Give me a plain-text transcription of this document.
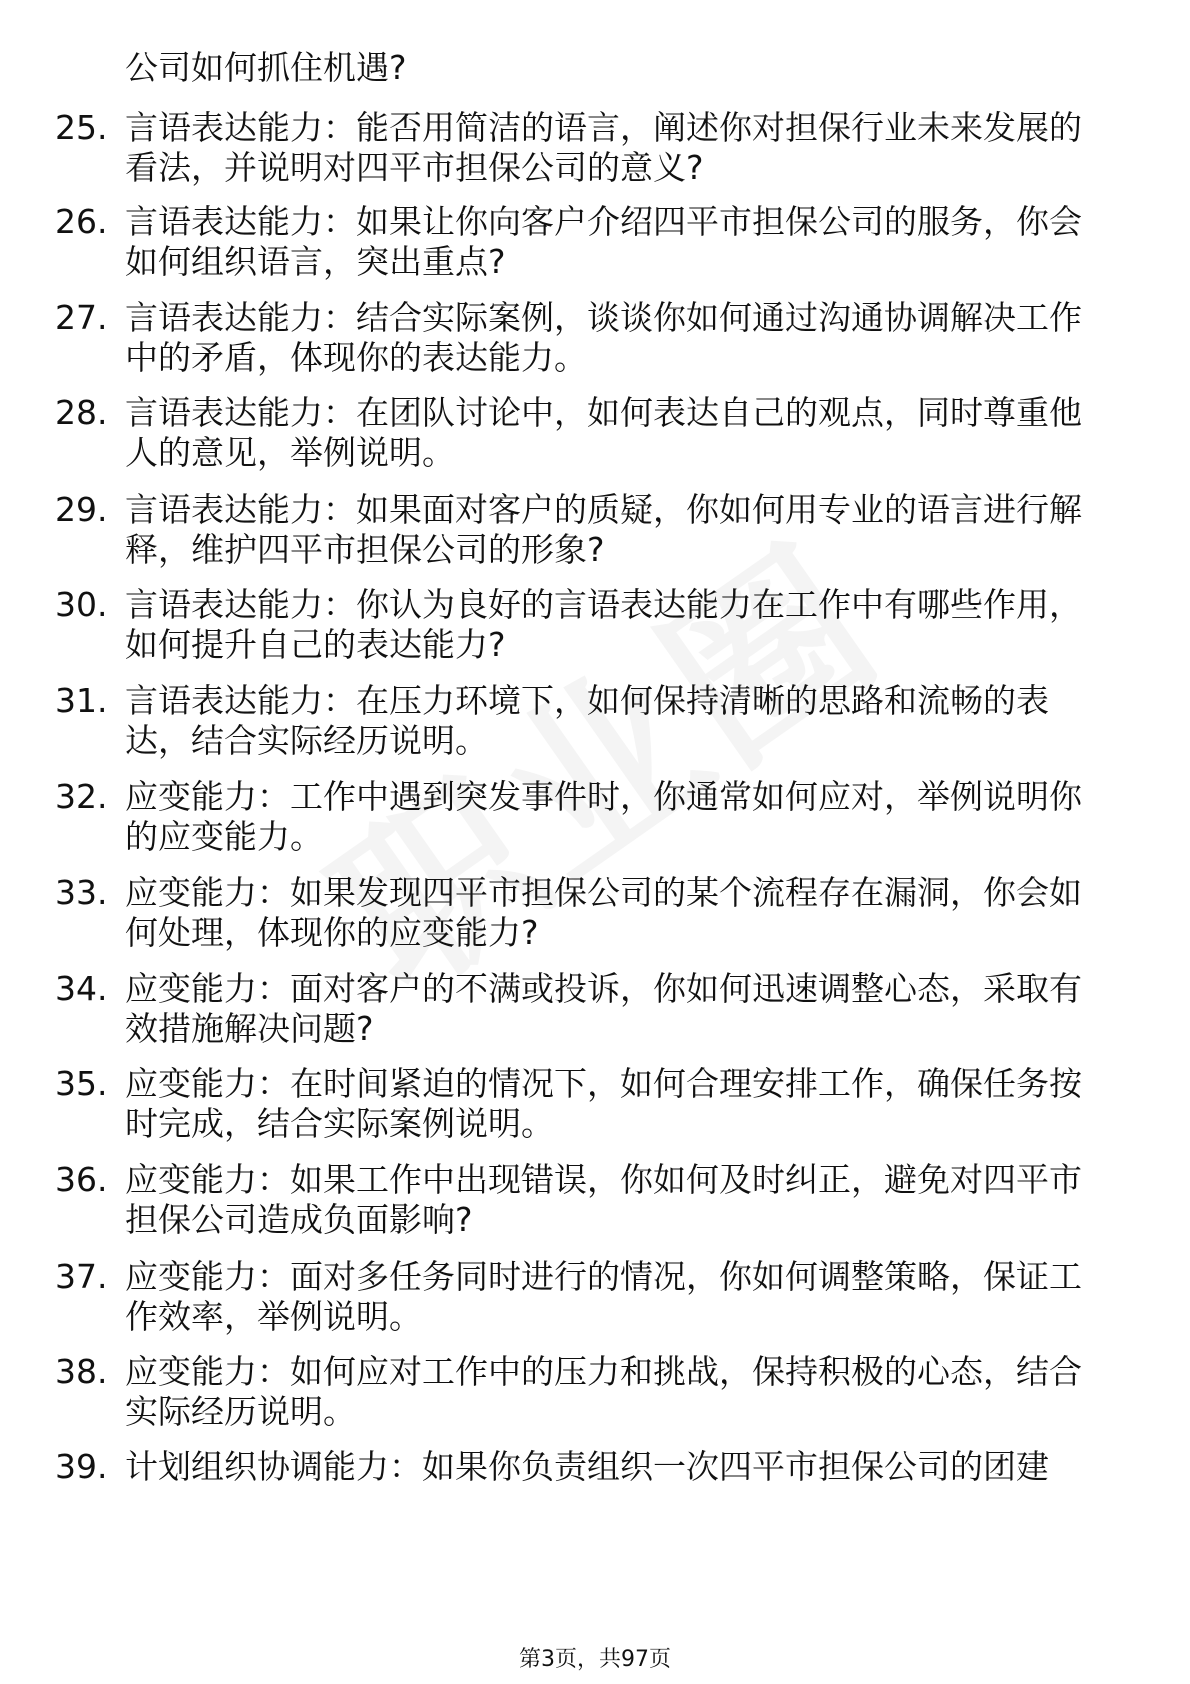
公司如何抓住机遇?
25. 言语表达能力：能否用简洁的语言，阐述你对担保行业未来发展的看法，并说明对四平市担保公司的意义?
26. 言语表达能力：如果让你向客户介绍四平市担保公司的服务，你会如何组织语言，突出重点?
27. 言语表达能力：结合实际案例，谈谈你如何通过沟通协调解决工作中的矛盾，体现你的表达能力。
28. 言语表达能力：在团队讨论中，如何表达自己的观点，同时尊重他人的意见，举例说明。
29. 言语表达能力：如果面对客户的质疑，你如何用专业的语言进行解释，维护四平市担保公司的形象?
30. 言语表达能力：你认为良好的言语表达能力在工作中有哪些作用，如何提升自己的表达能力?
31. 言语表达能力：在压力环境下，如何保持清晰的思路和流畅的表达，结合实际经历说明。
32. 应变能力：工作中遇到突发事件时，你通常如何应对，举例说明你的应变能力。
33. 应变能力：如果发现四平市担保公司的某个流程存在漏洞，你会如何处理，体现你的应变能力?
34. 应变能力：面对客户的不满或投诉，你如何迅速调整心态，采取有效措施解决问题?
35. 应变能力：在时间紧迫的情况下，如何合理安排工作，确保任务按时完成，结合实际案例说明。
36. 应变能力：如果工作中出现错误，你如何及时纠正，避免对四平市担保公司造成负面影响?
37. 应变能力：面对多任务同时进行的情况，你如何调整策略，保证工作效率，举例说明。
38. 应变能力：如何应对工作中的压力和挑战，保持积极的心态，结合实际经历说明。
39. 计划组织协调能力：如果你负责组织一次四平市担保公司的团建
第3页，共97页
